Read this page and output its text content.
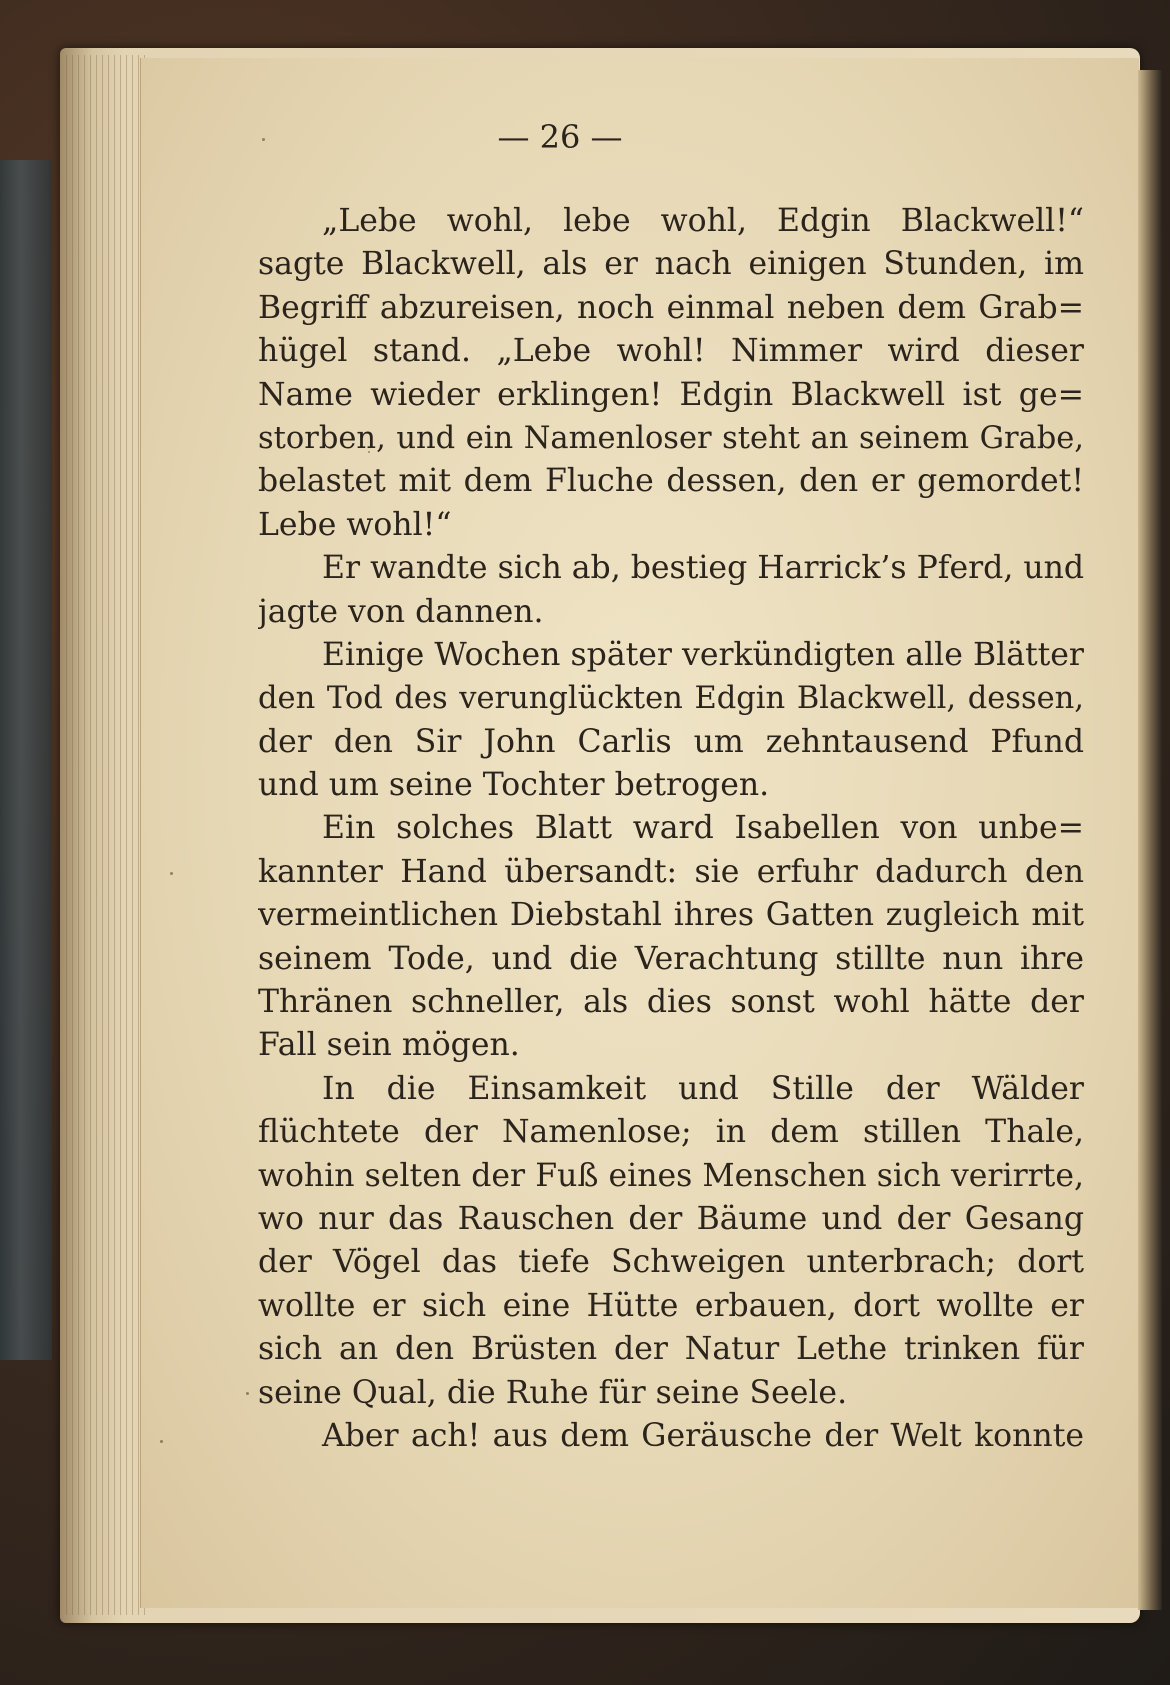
— 26 —
„Lebe wohl, lebe wohl, Edgin Blackwell!“
sagte Blackwell, als er nach einigen Stunden, im
Begriff abzureisen, noch einmal neben dem Grab=
hügel stand. „Lebe wohl! Nimmer wird dieser
Name wieder erklingen! Edgin Blackwell ist ge=
storben, und ein Namenloser steht an seinem Grabe,
belastet mit dem Fluche dessen, den er gemordet!
Lebe wohl!“
Er wandte sich ab, bestieg Harrick’s Pferd, und
jagte von dannen.
Einige Wochen später verkündigten alle Blätter
den Tod des verunglückten Edgin Blackwell, dessen,
der den Sir John Carlis um zehntausend Pfund
und um seine Tochter betrogen.
Ein solches Blatt ward Isabellen von unbe=
kannter Hand übersandt: sie erfuhr dadurch den
vermeintlichen Diebstahl ihres Gatten zugleich mit
seinem Tode, und die Verachtung stillte nun ihre
Thränen schneller, als dies sonst wohl hätte der
Fall sein mögen.
In die Einsamkeit und Stille der Wälder
flüchtete der Namenlose; in dem stillen Thale,
wohin selten der Fuß eines Menschen sich verirrte,
wo nur das Rauschen der Bäume und der Gesang
der Vögel das tiefe Schweigen unterbrach; dort
wollte er sich eine Hütte erbauen, dort wollte er
sich an den Brüsten der Natur Lethe trinken für
seine Qual, die Ruhe für seine Seele.
Aber ach! aus dem Geräusche der Welt konnte
